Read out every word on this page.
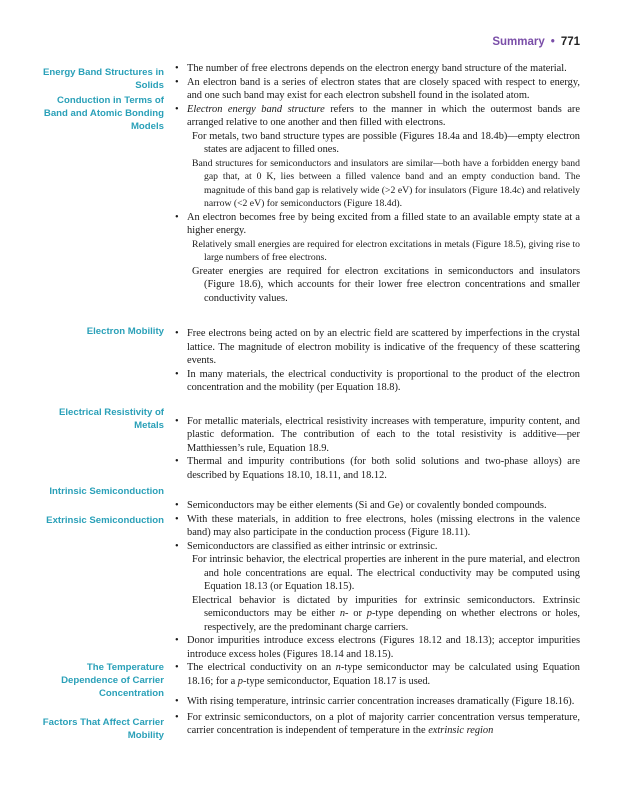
Summary • 771
Energy Band Structures in Solids
Conduction in Terms of Band and Atomic Bonding Models
Electron Mobility
Electrical Resistivity of Metals
Intrinsic Semiconduction
Extrinsic Semiconduction
The Temperature Dependence of Carrier Concentration
Factors That Affect Carrier Mobility
• The number of free electrons depends on the electron energy band structure of the material.
• An electron band is a series of electron states that are closely spaced with respect to energy, and one such band may exist for each electron subshell found in the isolated atom.
• Electron energy band structure refers to the manner in which the outermost bands are arranged relative to one another and then filled with electrons.
For metals, two band structure types are possible (Figures 18.4a and 18.4b)—empty electron states are adjacent to filled ones.
Band structures for semiconductors and insulators are similar—both have a forbidden energy band gap that, at 0 K, lies between a filled valence band and an empty conduction band. The magnitude of this band gap is relatively wide (>2 eV) for insulators (Figure 18.4c) and relatively narrow (<2 eV) for semiconductors (Figure 18.4d).
• An electron becomes free by being excited from a filled state to an available empty state at a higher energy.
Relatively small energies are required for electron excitations in metals (Figure 18.5), giving rise to large numbers of free electrons.
Greater energies are required for electron excitations in semiconductors and insulators (Figure 18.6), which accounts for their lower free electron concentrations and smaller conductivity values.
• Free electrons being acted on by an electric field are scattered by imperfections in the crystal lattice. The magnitude of electron mobility is indicative of the frequency of these scattering events.
• In many materials, the electrical conductivity is proportional to the product of the electron concentration and the mobility (per Equation 18.8).
• For metallic materials, electrical resistivity increases with temperature, impurity content, and plastic deformation. The contribution of each to the total resistivity is additive—per Matthiessen’s rule, Equation 18.9.
• Thermal and impurity contributions (for both solid solutions and two-phase alloys) are described by Equations 18.10, 18.11, and 18.12.
• Semiconductors may be either elements (Si and Ge) or covalently bonded compounds.
• With these materials, in addition to free electrons, holes (missing electrons in the valence band) may also participate in the conduction process (Figure 18.11).
• Semiconductors are classified as either intrinsic or extrinsic.
For intrinsic behavior, the electrical properties are inherent in the pure material, and electron and hole concentrations are equal. The electrical conductivity may be computed using Equation 18.13 (or Equation 18.15).
Electrical behavior is dictated by impurities for extrinsic semiconductors. Extrinsic semiconductors may be either n- or p-type depending on whether electrons or holes, respectively, are the predominant charge carriers.
• Donor impurities introduce excess electrons (Figures 18.12 and 18.13); acceptor impurities introduce excess holes (Figures 18.14 and 18.15).
• The electrical conductivity on an n-type semiconductor may be calculated using Equation 18.16; for a p-type semiconductor, Equation 18.17 is used.
• With rising temperature, intrinsic carrier concentration increases dramatically (Figure 18.16).
• For extrinsic semiconductors, on a plot of majority carrier concentration versus temperature, carrier concentration is independent of temperature in the extrinsic region
